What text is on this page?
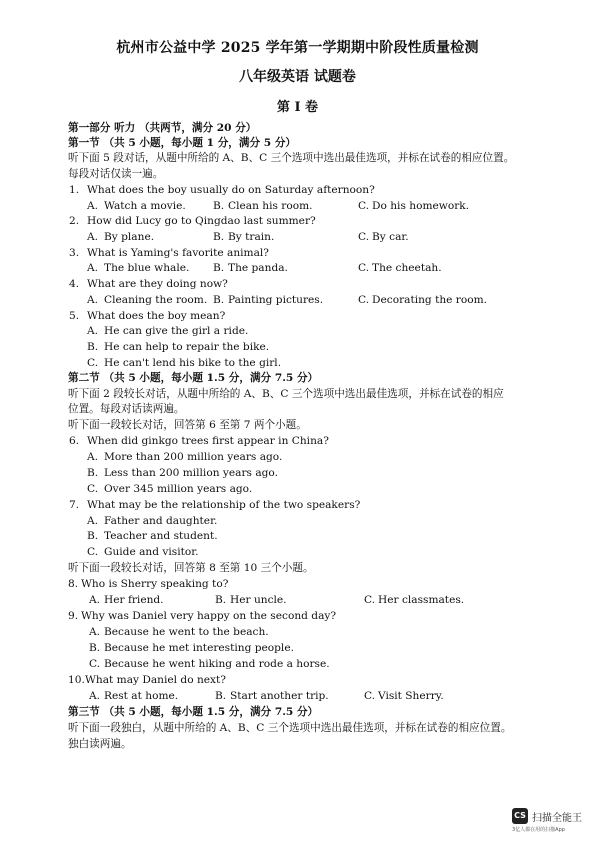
杭州市公益中学 2025 学年第一学期期中阶段性质量检测
八年级英语 试题卷
第 I 卷
第一部分 听力 （共两节，满分 20 分）
第一节 （共 5 小题，每小题 1 分，满分 5 分）
听下面 5 段对话，从题中所给的 A、B、C 三个选项中选出最佳选项，并标在试卷的相应位置。
每段对话仅读一遍。
1. What does the boy usually do on Saturday afternoon?
A. Watch a movie.	B. Clean his room.	C. Do his homework.
2. How did Lucy go to Qingdao last summer?
A. By plane.	B. By train.	C. By car.
3. What is Yaming's favorite animal?
A. The blue whale. B. The panda.	C. The cheetah.
4. What are they doing now?
A. Cleaning the room. B. Painting pictures.	C. Decorating the room.
5. What does the boy mean?
A. He can give the girl a ride.
B. He can help to repair the bike.
C. He can't lend his bike to the girl.
第二节 （共 5 小题，每小题 1.5 分，满分 7.5 分）
听下面 2 段较长对话，从题中所给的 A、B、C 三个选项中选出最佳选项，并标在试卷的相应
位置。每段对话读两遍。
听下面一段较长对话，回答第 6 至第 7 两个小题。
6. When did ginkgo trees first appear in China?
A. More than 200 million years ago.
B. Less than 200 million years ago.
C. Over 345 million years ago.
7. What may be the relationship of the two speakers?
A. Father and daughter.
B. Teacher and student.
C. Guide and visitor.
听下面一段较长对话，回答第 8 至第 10 三个小题。
8. Who is Sherry speaking to?
A. Her friend.	B. Her uncle.	C. Her classmates.
9. Why was Daniel very happy on the second day?
A. Because he went to the beach.
B. Because he met interesting people.
C. Because he went hiking and rode a horse.
10. What may Daniel do next?
A. Rest at home.	B. Start another trip.	C. Visit Sherry.
第三节 （共 5 小题，每小题 1.5 分，满分 7.5 分）
听下面一段独白，从题中所给的 A、B、C 三个选项中选出最佳选项，并标在试卷的相应位置。
独白读两遍。
CS 扫描全能王
3亿人都在用的扫描App
